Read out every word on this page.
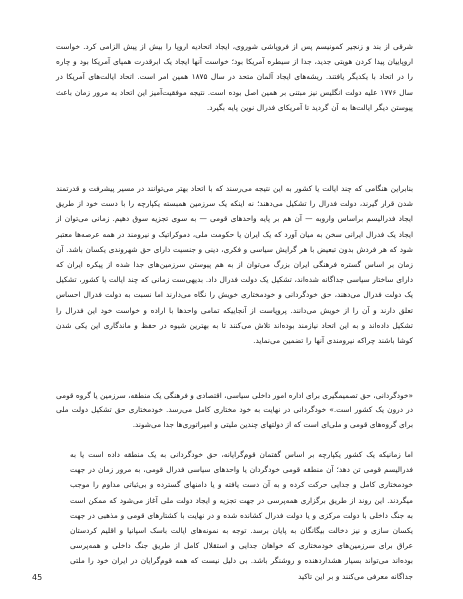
شرقی از بند و زنجیر کمونیسم پس از فروپاشی شوروی، ایجاد اتحادیه اروپا را بیش از پیش الزامی کرد. خواست اروپاییان پیدا کردن هویتی جدید، جدا از سیطره آمریکا بود؛ خواست آنها ایجاد یک ابرقدرت همپای آمریکا بود و چاره را در اتحاد با یکدیگر یافتند. ریشه‌های ایجاد آلمان متحد در سال ۱۸۷۵ همین امر است. اتحاد ایالت‌های آمریکا در سال ۱۷۷۶ علیه دولت انگلیس نیز مبتنی بر همین اصل بوده است. نتیجه موفقیت‌آمیز این اتحاد به مرور زمان باعث پیوستن دیگر ایالت‌ها به آن گردید تا آمریکای فدرال نوین پایه بگیرد.

بنابراین هنگامی که چند ایالت یا کشور به این نتیجه می‌رسند که با اتحاد بهتر می‌توانند در مسیر پیشرفت و قدرتمند شدن قرار گیرند، دولت فدرال را تشکیل می‌دهند؛ نه اینکه یک سرزمین همبسته یکپارچه را با دست خود از طریق ایجاد فدرالیسم براساس واروبه — آن هم بر پایه واحدهای قومی — به سوی تجزیه سوق دهیم. زمانی می‌توان از ایجاد یک فدرال ایرانی سخن به میان آورد که یک ایران یا حکومت ملی، دموکراتیک و نیرومند در همه عرصه‌ها معتبر شود که هر فردش بدون تبعیض با هر گرایش سیاسی و فکری، دینی و جنسیت دارای حق شهروندی یکسان باشد. آن زمان بر اساس گستره فرهنگی ایران بزرگ می‌توان از به هم پیوستن سرزمین‌های جدا شده از پیکره ایران که دارای ساختار سیاسی جداگانه شده‌اند، تشکیل یک دولت فدرال داد. بدیهی‌ست زمانی که چند ایالت یا کشور، تشکیل یک دولت فدرال می‌دهند، حق خودگردانی و خودمختاری خویش را نگاه می‌دارند اما نسبت به دولت فدرال احساس تعلق دارند و آن را از خویش می‌دانند. پروپاست از آنجاییکه تمامی واحدها با اراده و خواست خود این فدرال را تشکیل داده‌اند و به این اتحاد نیازمند بوده‌اند تلاش می‌کنند تا به بهترین شیوه در حفظ و ماندگاری این یکی شدن کوشا باشند چراکه نیرومندی آنها را تضمین می‌نماید.

«خودگردانی، حق تصمیمگیری برای اداره امور داخلی سیاسی، اقتصادی و فرهنگی یک منطقه، سرزمین یا گروه قومی در درون یک کشور است.» خودگردانی در نهایت به خود مختاری کامل می‌رسد. خودمختاری حق تشکیل دولت ملی برای گروه‌های قومی و ملی‌ای است که از دولتهای چندین ملیتی و امپراتوری‌ها جدا می‌شوند.

اما زمانیکه یک کشور یکپارچه بر اساس گفتمان قوم‌گرایانه، حق خودگردانی به یک منطقه داده است یا به فدرالیسم قومی تن دهد؛ آن منطقه قومی خودگردان یا واحدهای سیاسی فدرال قومی، به مرور زمان در جهت خودمختاری کامل و جدایی حرکت کرده و به آن دست یافته و یا دامنهای گسترده و بی‌ثباتی مداوم را موجب میگردند. این روند از طریق برگزاری همه‌پرسی در جهت تجزیه و ایجاد دولت ملی آغاز می‌شود که ممکن است به جنگ داخلی با دولت مرکزی و یا دولت فدرال کشانده شده و در نهایت با کشتارهای قومی و مذهبی در جهت یکسان سازی و نیز دخالت بیگانگان به پایان برسد. توجه به نمونه‌های ایالت باسک اسپانیا و اقلیم کردستان عراق برای سرزمین‌های خودمختاری که خواهان جدایی و استقلال کامل از طریق جنگ داخلی و همه‌پرسی بوده‌اند می‌تواند بسیار هشداردهنده و روشنگر باشد. بی دلیل نیست که همه قوم‌گرایان در ایران خود را ملتی جداگانه معرفی می‌کنند و بر این تاکید

45
